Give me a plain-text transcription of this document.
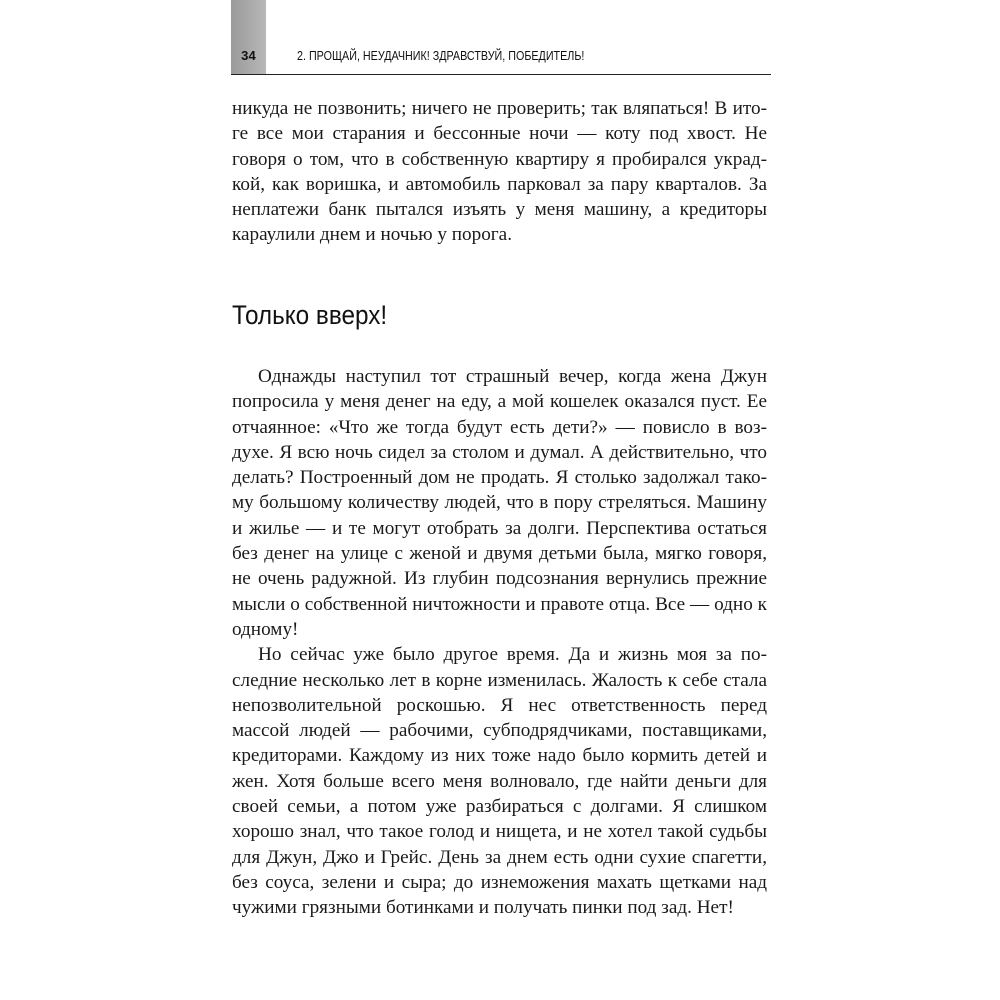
34	2. ПРОЩАЙ, НЕУДАЧНИК! ЗДРАВСТВУЙ, ПОБЕДИТЕЛЬ!

никуда не позвонить; ничего не проверить; так вляпаться! В итоге все мои старания и бессонные ночи — коту под хвост. Не говоря о том, что в собственную квартиру я пробирался украдкой, как воришка, и автомобиль парковал за пару кварталов. За неплатежи банк пытался изъять у меня машину, а кредиторы караулили днем и ночью у порога.

Только вверх!

Однажды наступил тот страшный вечер, когда жена Джун попросила у меня денег на еду, а мой кошелек оказался пуст. Ее отчаянное: «Что же тогда будут есть дети?» — повисло в воздухе. Я всю ночь сидел за столом и думал. А действительно, что делать? Построенный дом не продать. Я столько задолжал такому большому количеству людей, что в пору стреляться. Машину и жилье — и те могут отобрать за долги. Перспектива остаться без денег на улице с женой и двумя детьми была, мягко говоря, не очень радужной. Из глубин подсознания вернулись прежние мысли о собственной ничтожности и правоте отца. Все — одно к одному!

Но сейчас уже было другое время. Да и жизнь моя за последние несколько лет в корне изменилась. Жалость к себе стала непозволительной роскошью. Я нес ответственность перед массой людей — рабочими, субподрядчиками, поставщиками, кредиторами. Каждому из них тоже надо было кормить детей и жен. Хотя больше всего меня волновало, где найти деньги для своей семьи, а потом уже разбираться с долгами. Я слишком хорошо знал, что такое голод и нищета, и не хотел такой судьбы для Джун, Джо и Грейс. День за днем есть одни сухие спагетти, без соуса, зелени и сыра; до изнеможения махать щетками над чужими грязными ботинками и получать пинки под зад. Нет!
